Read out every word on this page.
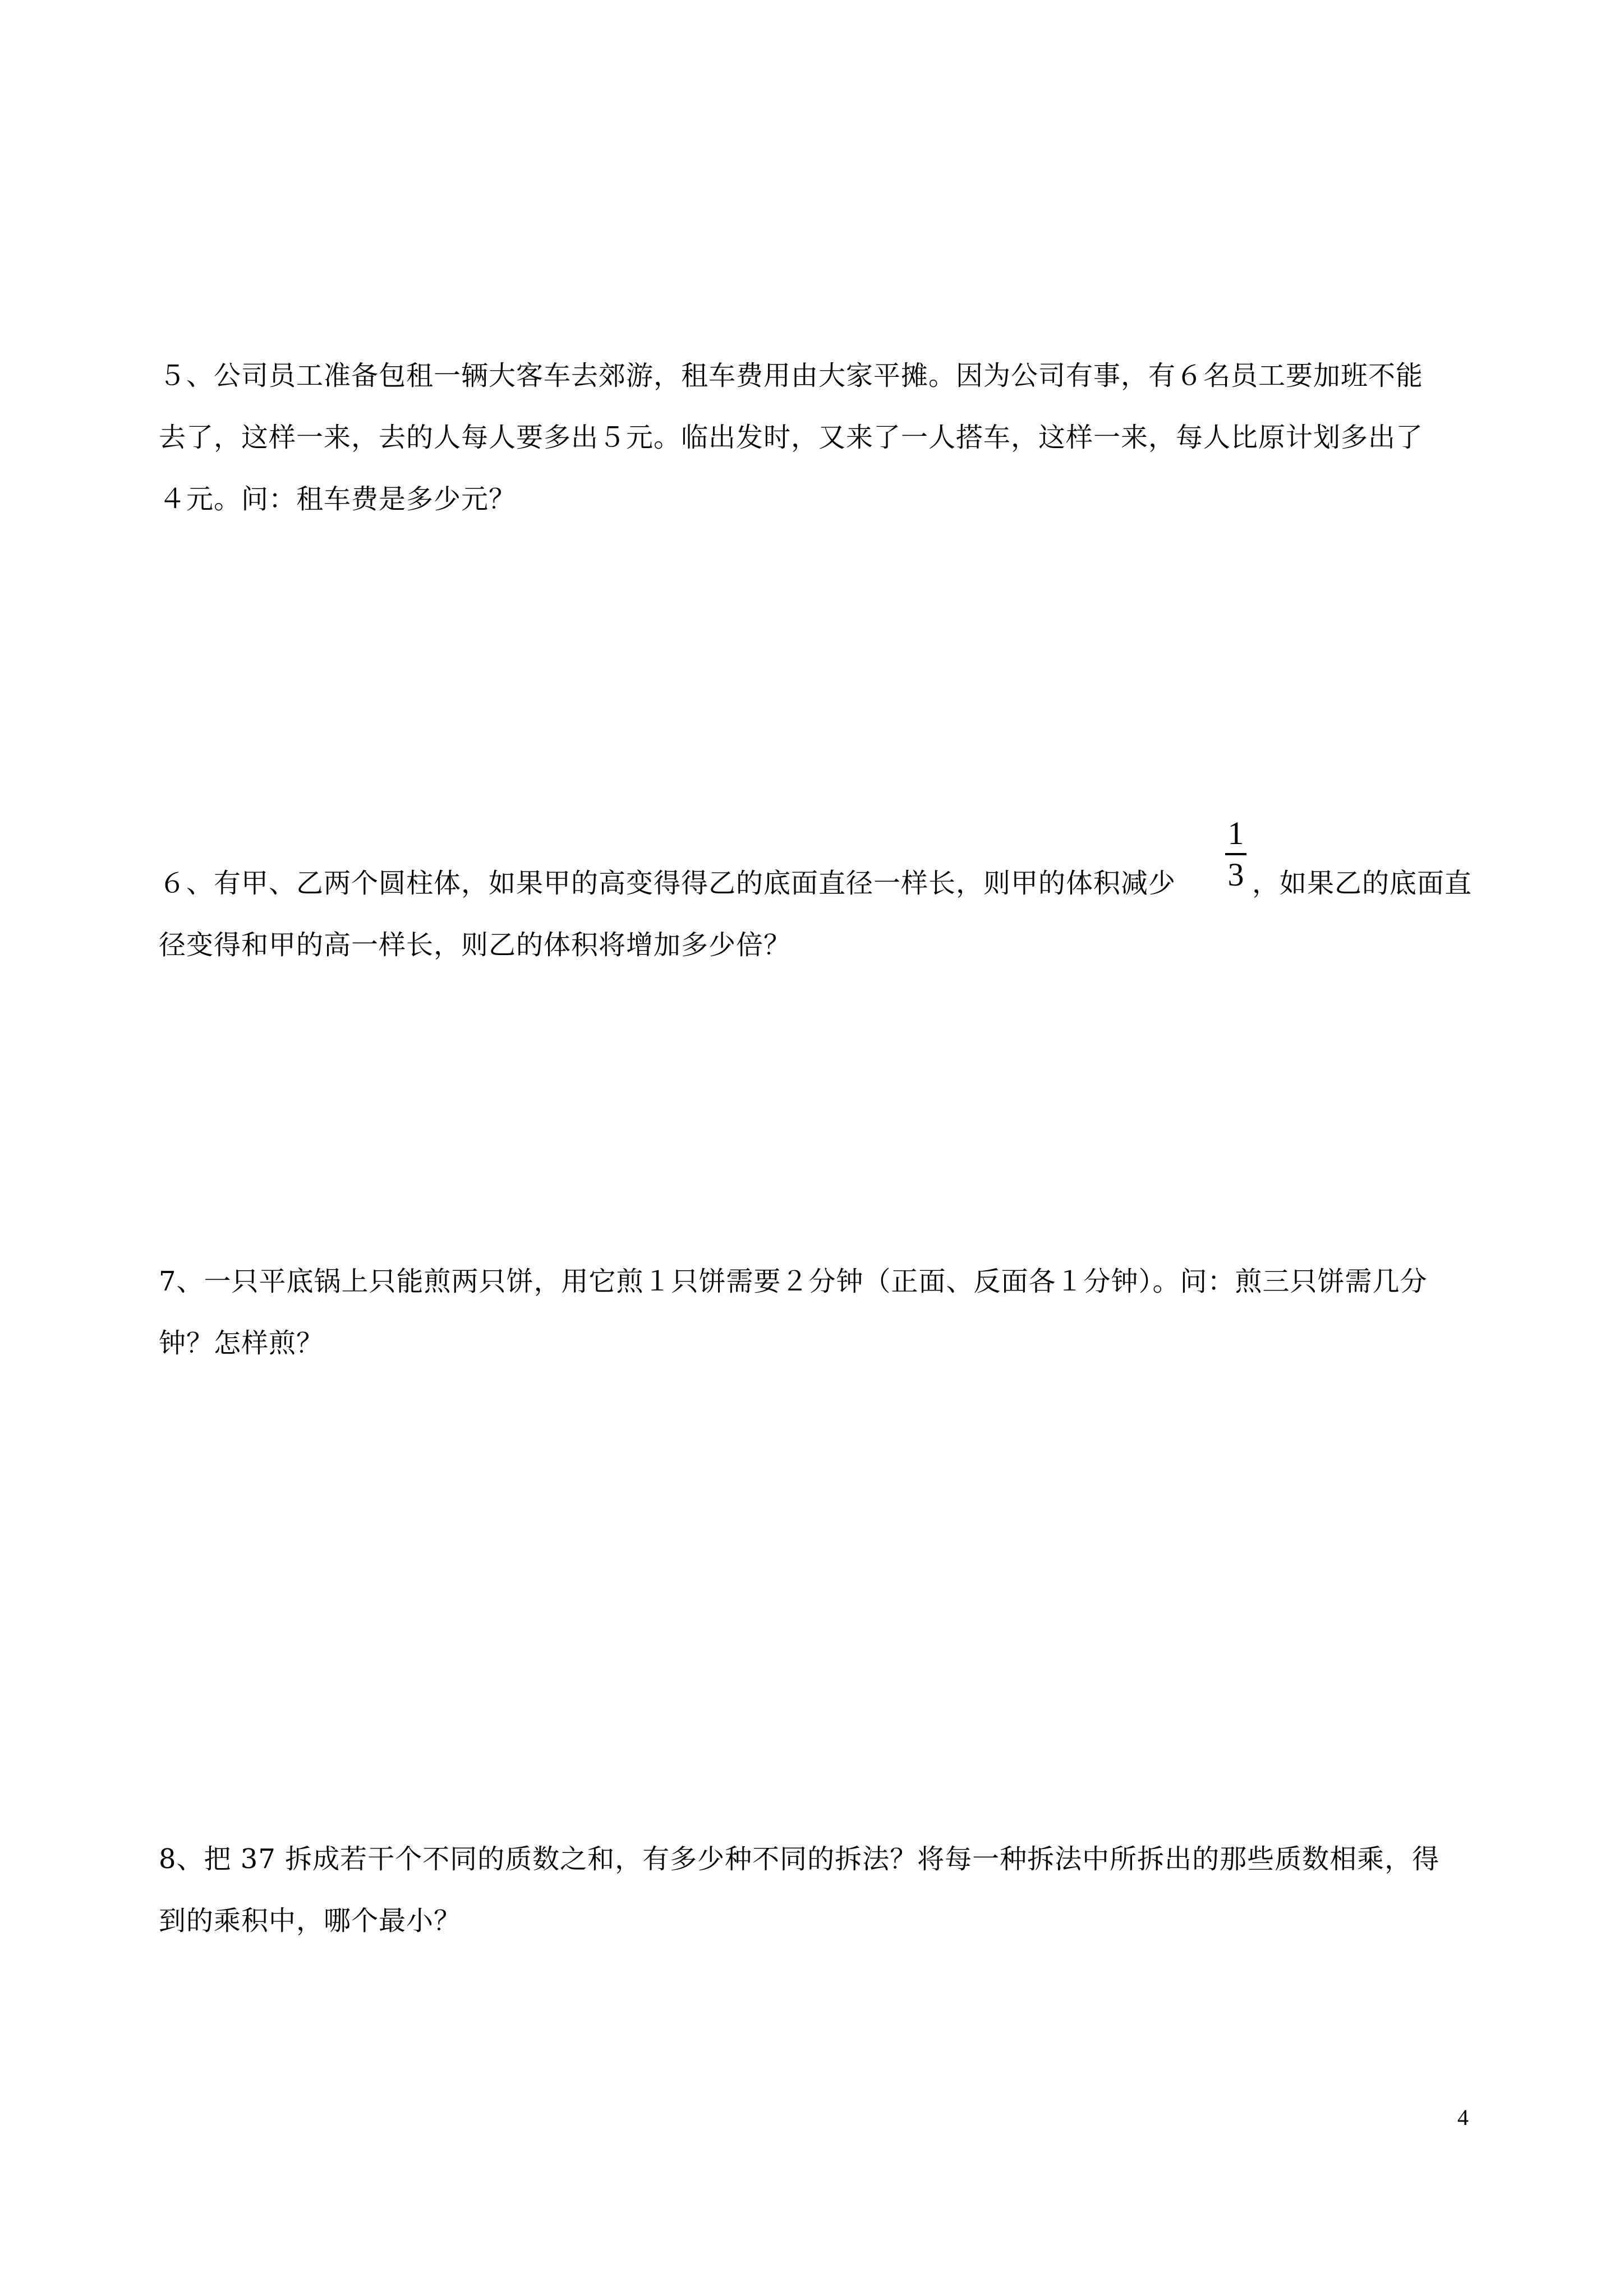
５、公司员工准备包租一辆大客车去郊游，租车费用由大家平摊。因为公司有事，有６名员工要加班不能
去了，这样一来，去的人每人要多出５元。临出发时，又来了一人搭车，这样一来，每人比原计划多出了
４元。问：租车费是多少元？
６、有甲、乙两个圆柱体，如果甲的高变得得乙的底面直径一样长，则甲的体积减少
1
3 ，如果乙的底面直
径变得和甲的高一样长，则乙的体积将增加多少倍？
7、一只平底锅上只能煎两只饼，用它煎１只饼需要２分钟（正面、反面各１分钟）。问：煎三只饼需几分
钟？怎样煎？
8、把 37 拆成若干个不同的质数之和，有多少种不同的拆法？将每一种拆法中所拆出的那些质数相乘，得
到的乘积中，哪个最小？
4
